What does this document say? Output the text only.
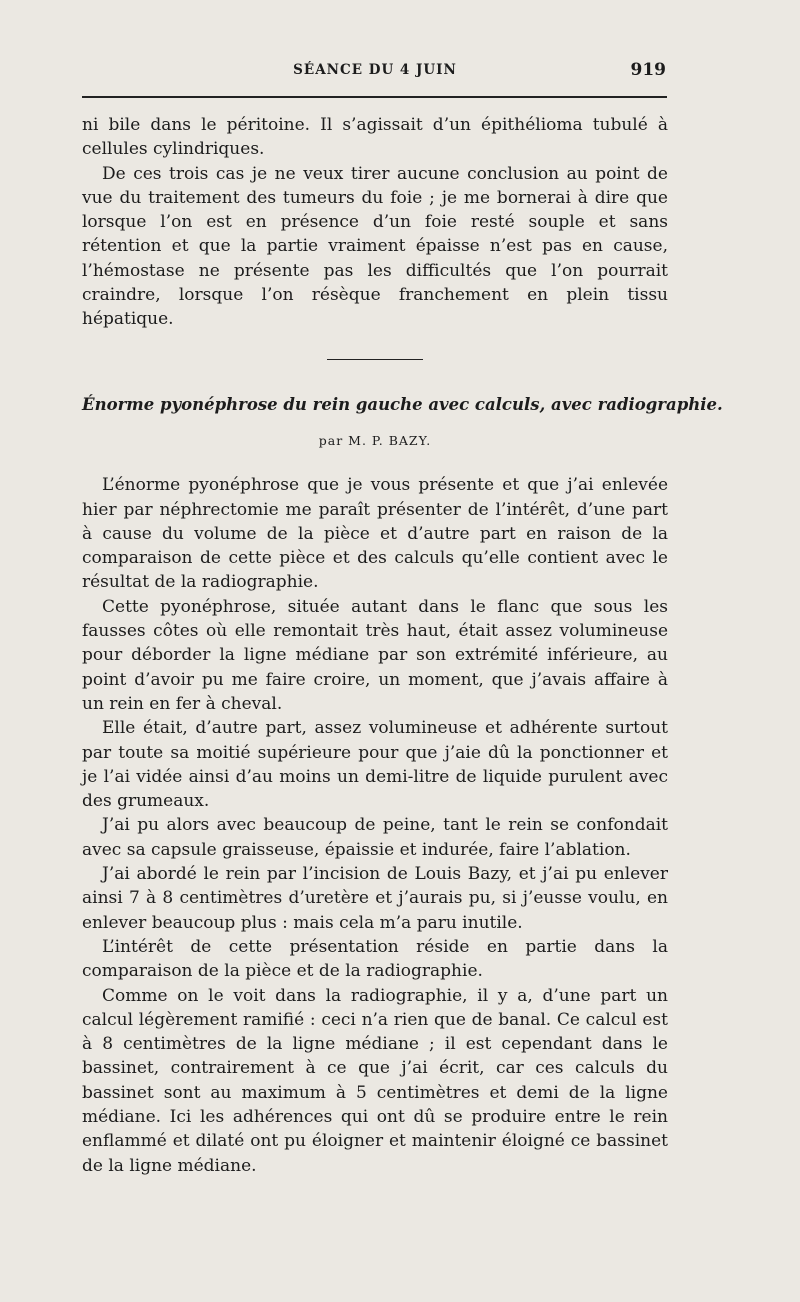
SÉANCE DU 4 JUIN	919

ni bile dans le péritoine. Il s’agissait d’un épithélioma tubulé à cellules cylindriques.

De ces trois cas je ne veux tirer aucune conclusion au point de vue du traitement des tumeurs du foie ; je me bornerai à dire que lorsque l’on est en présence d’un foie resté souple et sans rétention et que la partie vraiment épaisse n’est pas en cause, l’hémostase ne présente pas les difficultés que l’on pourrait craindre, lorsque l’on résèque franchement en plein tissu hépatique.

Énorme pyonéphrose du rein gauche avec calculs, avec radiographie.
par M. P. BAZY.

L’énorme pyonéphrose que je vous présente et que j’ai enlevée hier par néphrectomie me paraît présenter de l’intérêt, d’une part à cause du volume de la pièce et d’autre part en raison de la comparaison de cette pièce et des calculs qu’elle contient avec le résultat de la radiographie.

Cette pyonéphrose, située autant dans le flanc que sous les fausses côtes où elle remontait très haut, était assez volumineuse pour déborder la ligne médiane par son extrémité inférieure, au point d’avoir pu me faire croire, un moment, que j’avais affaire à un rein en fer à cheval.

Elle était, d’autre part, assez volumineuse et adhérente surtout par toute sa moitié supérieure pour que j’aie dû la ponctionner et je l’ai vidée ainsi d’au moins un demi-litre de liquide purulent avec des grumeaux.

J’ai pu alors avec beaucoup de peine, tant le rein se confondait avec sa capsule graisseuse, épaissie et indurée, faire l’ablation.

J’ai abordé le rein par l’incision de Louis Bazy, et j’ai pu enlever ainsi 7 à 8 centimètres d’uretère et j’aurais pu, si j’eusse voulu, en enlever beaucoup plus : mais cela m’a paru inutile.

L’intérêt de cette présentation réside en partie dans la comparaison de la pièce et de la radiographie.

Comme on le voit dans la radiographie, il y a, d’une part un calcul légèrement ramifié : ceci n’a rien que de banal. Ce calcul est à 8 centimètres de la ligne médiane ; il est cependant dans le bassinet, contrairement à ce que j’ai écrit, car ces calculs du bassinet sont au maximum à 5 centimètres et demi de la ligne médiane. Ici les adhérences qui ont dû se produire entre le rein enflammé et dilaté ont pu éloigner et maintenir éloigné ce bassinet de la ligne médiane.
